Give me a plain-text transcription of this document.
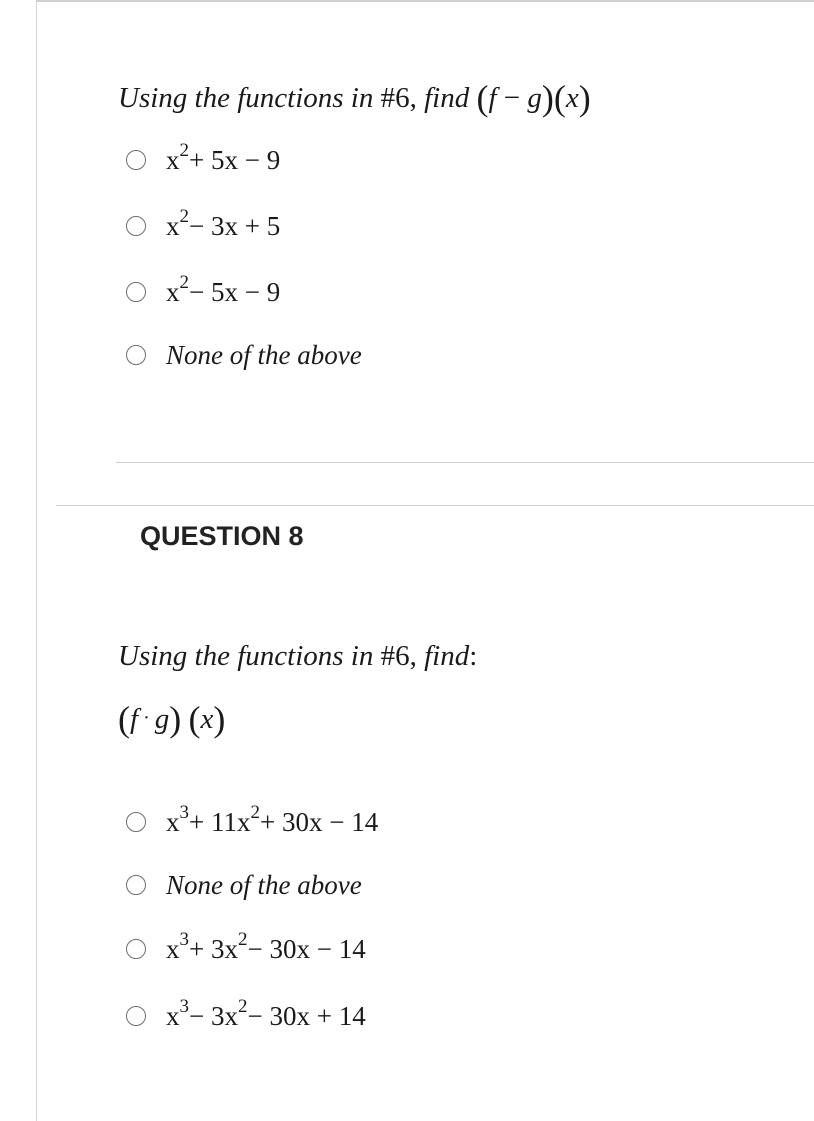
Using the functions in #6, find (f − g)(x)
$x^2+ 5x - 9$
$x^2- 3x + 5$
$x^2- 5x - 9$
None of the above
QUESTION 8
Using the functions in #6, find:
(f · g) (x)
$x^3+ 11x^2+ 30x - 14$
None of the above
$x^3+ 3x^2- 30x - 14$
$x^3- 3x^2- 30x + 14$
